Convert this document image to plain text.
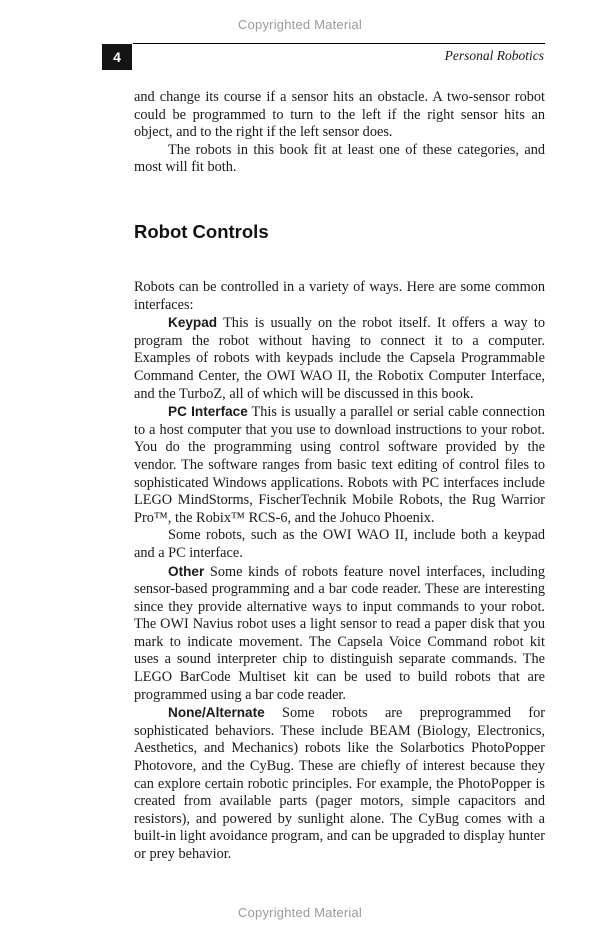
Copyrighted Material
4	Personal Robotics

and change its course if a sensor hits an obstacle. A two-sensor robot could be programmed to turn to the left if the right sensor hits an object, and to the right if the left sensor does.

The robots in this book fit at least one of these categories, and most will fit both.

Robot Controls

Robots can be controlled in a variety of ways. Here are some common interfaces:

Keypad This is usually on the robot itself. It offers a way to program the robot without having to connect it to a computer. Examples of robots with keypads include the Capsela Programmable Command Center, the OWI WAO II, the Robotix Computer Interface, and the TurboZ, all of which will be discussed in this book.

PC Interface This is usually a parallel or serial cable connection to a host computer that you use to download instructions to your robot. You do the programming using control software provided by the vendor. The software ranges from basic text editing of control files to sophisticated Windows applications. Robots with PC interfaces include LEGO MindStorms, FischerTechnik Mobile Robots, the Rug Warrior Pro™, the Robix™ RCS-6, and the Johuco Phoenix.

Some robots, such as the OWI WAO II, include both a keypad and a PC interface.

Other Some kinds of robots feature novel interfaces, including sensor-based programming and a bar code reader. These are interesting since they provide alternative ways to input commands to your robot. The OWI Navius robot uses a light sensor to read a paper disk that you mark to indicate movement. The Capsela Voice Command robot kit uses a sound interpreter chip to distinguish separate commands. The LEGO BarCode Multiset kit can be used to build robots that are programmed using a bar code reader.

None/Alternate Some robots are preprogrammed for sophisticated behaviors. These include BEAM (Biology, Electronics, Aesthetics, and Mechanics) robots like the Solarbotics PhotoPopper Photovore, and the CyBug. These are chiefly of interest because they can explore certain robotic principles. For example, the PhotoPopper is created from available parts (pager motors, simple capacitors and resistors), and powered by sunlight alone. The CyBug comes with a built-in light avoidance program, and can be upgraded to display hunter or prey behavior.

Copyrighted Material
